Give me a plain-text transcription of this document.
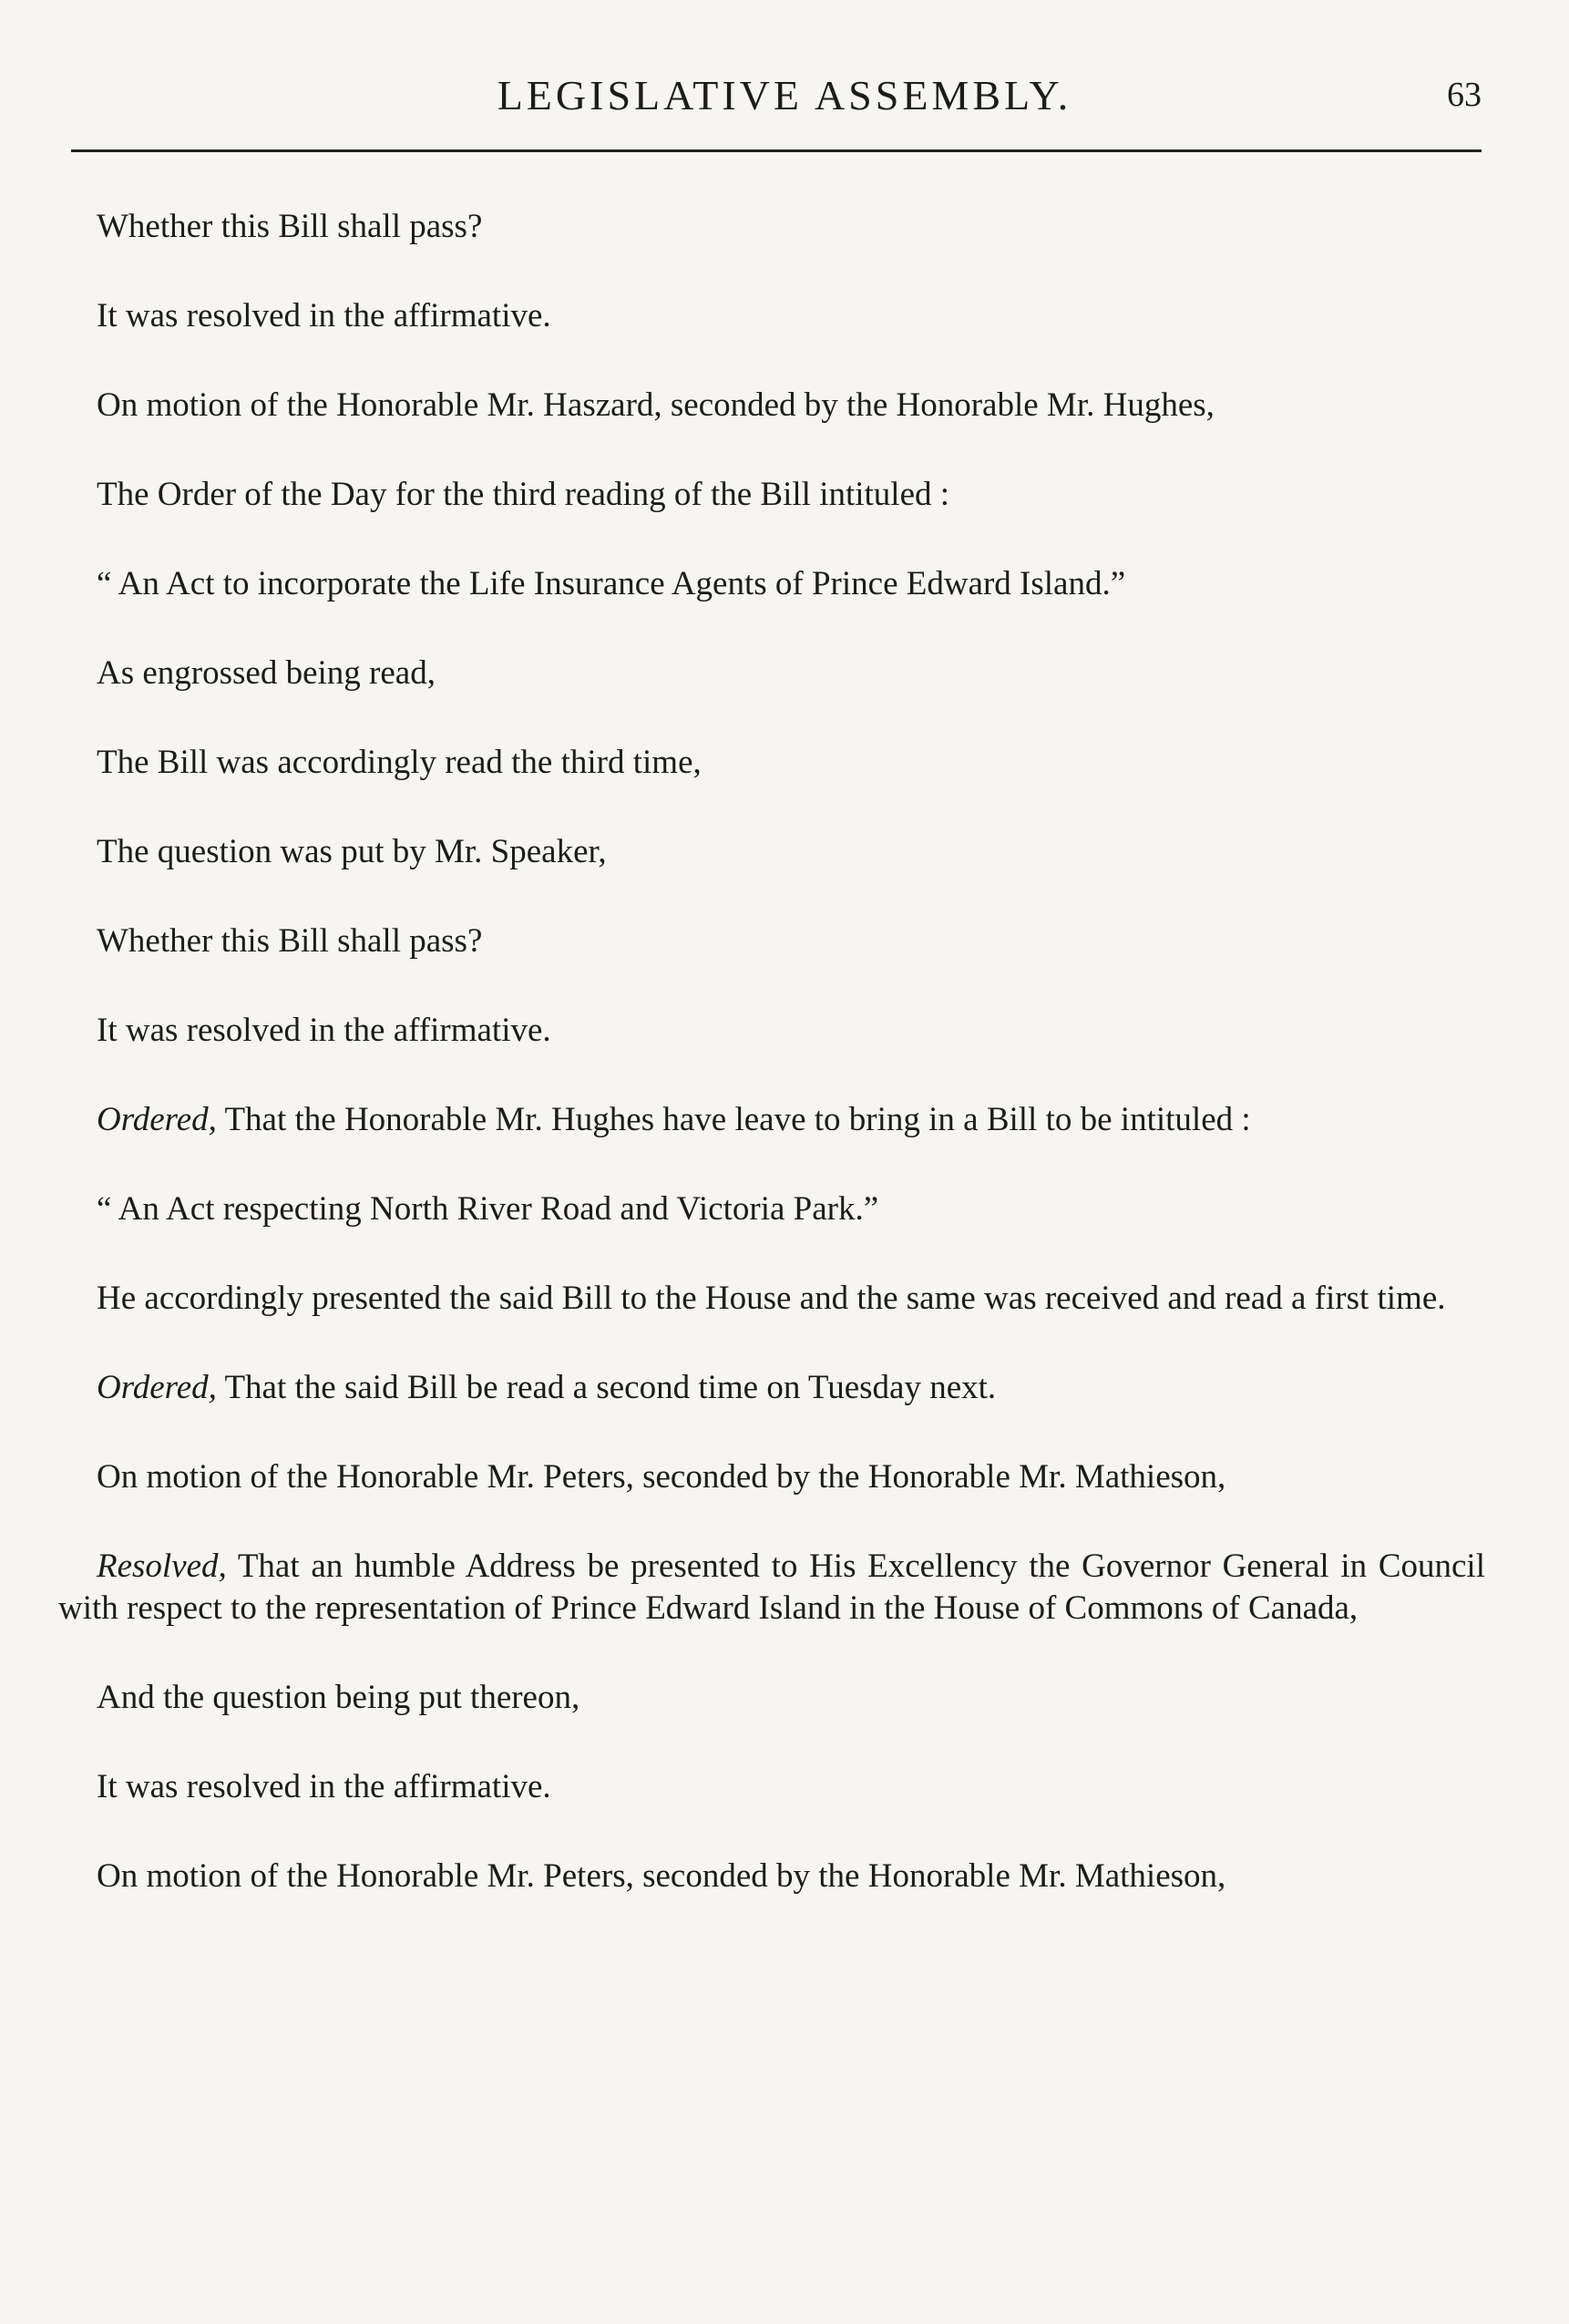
LEGISLATIVE ASSEMBLY.	63

Whether this Bill shall pass?

It was resolved in the affirmative.

On motion of the Honorable Mr. Haszard, seconded by the Honorable Mr. Hughes,

The Order of the Day for the third reading of the Bill intituled :

“ An Act to incorporate the Life Insurance Agents of Prince Edward Island.”

As engrossed being read,

The Bill was accordingly read the third time,

The question was put by Mr. Speaker,

Whether this Bill shall pass?

It was resolved in the affirmative.

Ordered, That the Honorable Mr. Hughes have leave to bring in a Bill to be intituled :

“ An Act respecting North River Road and Victoria Park.”

He accordingly presented the said Bill to the House and the same was received and read a first time.

Ordered, That the said Bill be read a second time on Tuesday next.

On motion of the Honorable Mr. Peters, seconded by the Honorable Mr. Mathieson,

Resolved, That an humble Address be presented to His Excellency the Governor General in Council with respect to the representation of Prince Edward Island in the House of Commons of Canada,

And the question being put thereon,

It was resolved in the affirmative.

On motion of the Honorable Mr. Peters, seconded by the Honorable Mr. Mathieson,
